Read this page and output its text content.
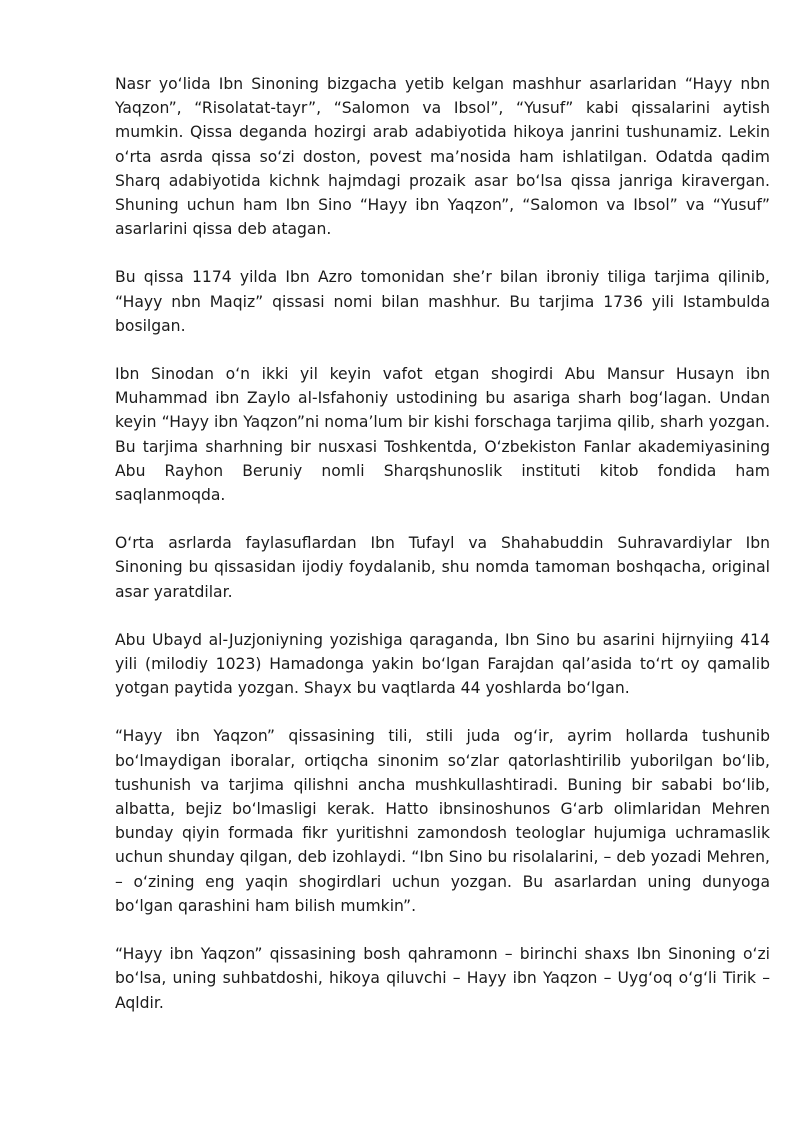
Nasr yo‘lida Ibn Sinoning bizgacha yetib kelgan mashhur asarlaridan “Hayy nbn Yaqzon”, “Risolatat-tayr”, “Salomon va Ibsol”, “Yusuf” kabi qissalarini aytish mumkin. Qissa deganda hozirgi arab adabiyotida hikoya janrini tushunamiz. Lekin o‘rta asrda qissa so‘zi doston, povest ma’nosida ham ishlatilgan. Odatda qadim Sharq adabiyotida kichnk hajmdagi prozaik asar bo‘lsa qissa janriga kiravergan. Shuning uchun ham Ibn Sino “Hayy ibn Yaqzon”, “Salomon va Ibsol” va “Yusuf” asarlarini qissa deb atagan.

Bu qissa 1174 yilda Ibn Azro tomonidan she’r bilan ibroniy tiliga tarjima qilinib, “Hayy nbn Maqiz” qissasi nomi bilan mashhur. Bu tarjima 1736 yili Istambulda bosilgan.

Ibn Sinodan o‘n ikki yil keyin vafot etgan shogirdi Abu Mansur Husayn ibn Muhammad ibn Zaylo al-Isfahoniy ustodining bu asariga sharh bog‘lagan. Undan keyin “Hayy ibn Yaqzon”ni noma’lum bir kishi forschaga tarjima qilib, sharh yozgan. Bu tarjima sharhning bir nusxasi Toshkentda, O‘zbekiston Fanlar akademiyasining Abu Rayhon Beruniy nomli Sharqshunoslik instituti kitob fondida ham saqlanmoqda.

O‘rta asrlarda faylasuflardan Ibn Tufayl va Shahabuddin Suhravardiylar Ibn Sinoning bu qissasidan ijodiy foydalanib, shu nomda tamoman boshqacha, original asar yaratdilar.

Abu Ubayd al-Juzjoniyning yozishiga qaraganda, Ibn Sino bu asarini hijrnyiing 414 yili (milodiy 1023) Hamadonga yakin bo‘lgan Farajdan qal’asida to‘rt oy qamalib yotgan paytida yozgan. Shayx bu vaqtlarda 44 yoshlarda bo‘lgan.

“Hayy ibn Yaqzon” qissasining tili, stili juda og‘ir, ayrim hollarda tushunib bo‘lmaydigan iboralar, ortiqcha sinonim so‘zlar qatorlashtirilib yuborilgan bo‘lib, tushunish va tarjima qilishni ancha mushkullashtiradi. Buning bir sababi bo‘lib, albatta, bejiz bo‘lmasligi kerak. Hatto ibnsinoshunos G‘arb olimlaridan Mehren bunday qiyin formada fikr yuritishni zamondosh teologlar hujumiga uchramaslik uchun shunday qilgan, deb izohlaydi. “Ibn Sino bu risolalarini, – deb yozadi Mehren, – o‘zining eng yaqin shogirdlari uchun yozgan. Bu asarlardan uning dunyoga bo‘lgan qarashini ham bilish mumkin”.

“Hayy ibn Yaqzon” qissasining bosh qahramonn – birinchi shaxs Ibn Sinoning o‘zi bo‘lsa, uning suhbatdoshi, hikoya qiluvchi – Hayy ibn Yaqzon – Uyg‘oq o‘g‘li Tirik – Aqldir.
